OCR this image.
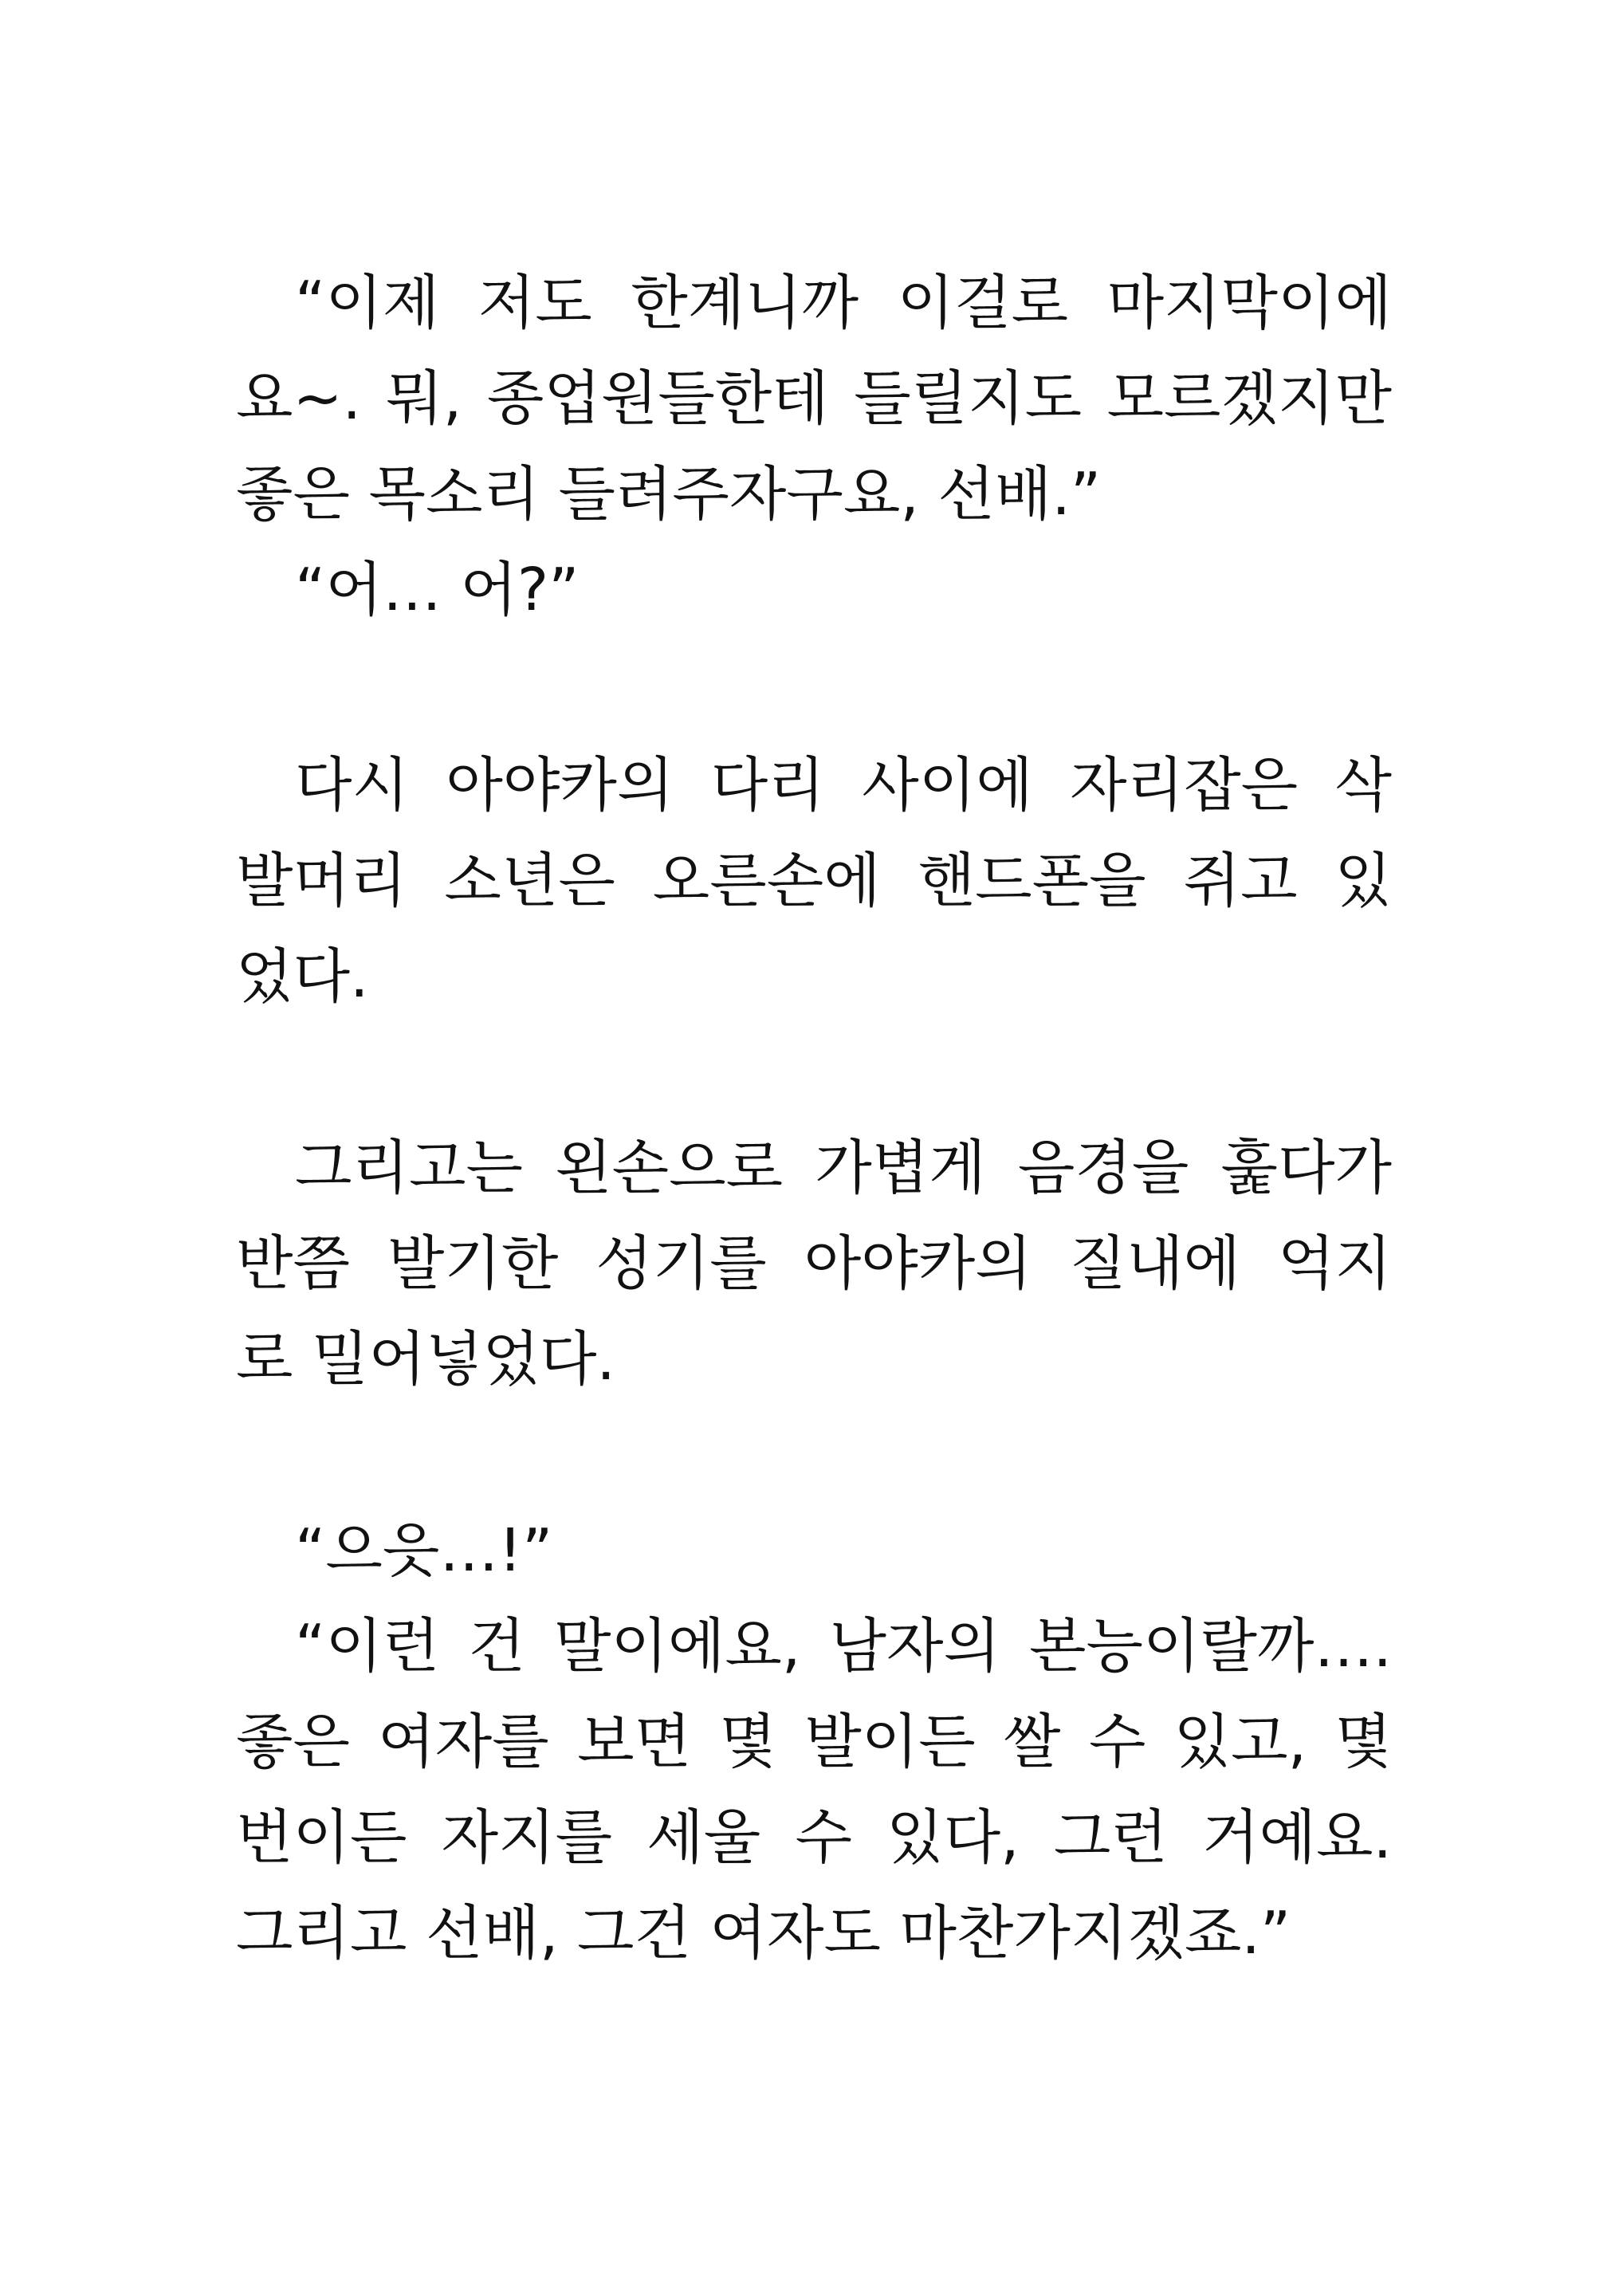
“이제 저도 한계니까 이걸로 마지막이에
요~. 뭐, 종업원들한테 들릴지도 모르겠지만
좋은 목소리 들려주자구요, 선배.”
“어… 어?”
다시 아야카의 다리 사이에 자리잡은 삭
발머리 소년은 오른손에 핸드폰을 쥐고 있
었다.
그리고는 왼손으로 가볍게 음경을 훑다가
반쯤 발기한 성기를 아야카의 질내에 억지
로 밀어넣었다.
“으읏…!”
“이런 건 말이에요, 남자의 본능이랄까….
좋은 여자를 보면 몇 발이든 쌀 수 있고, 몇
번이든 자지를 세울 수 있다, 그런 거예요.
그리고 선배, 그건 여자도 마찬가지겠죠.”
